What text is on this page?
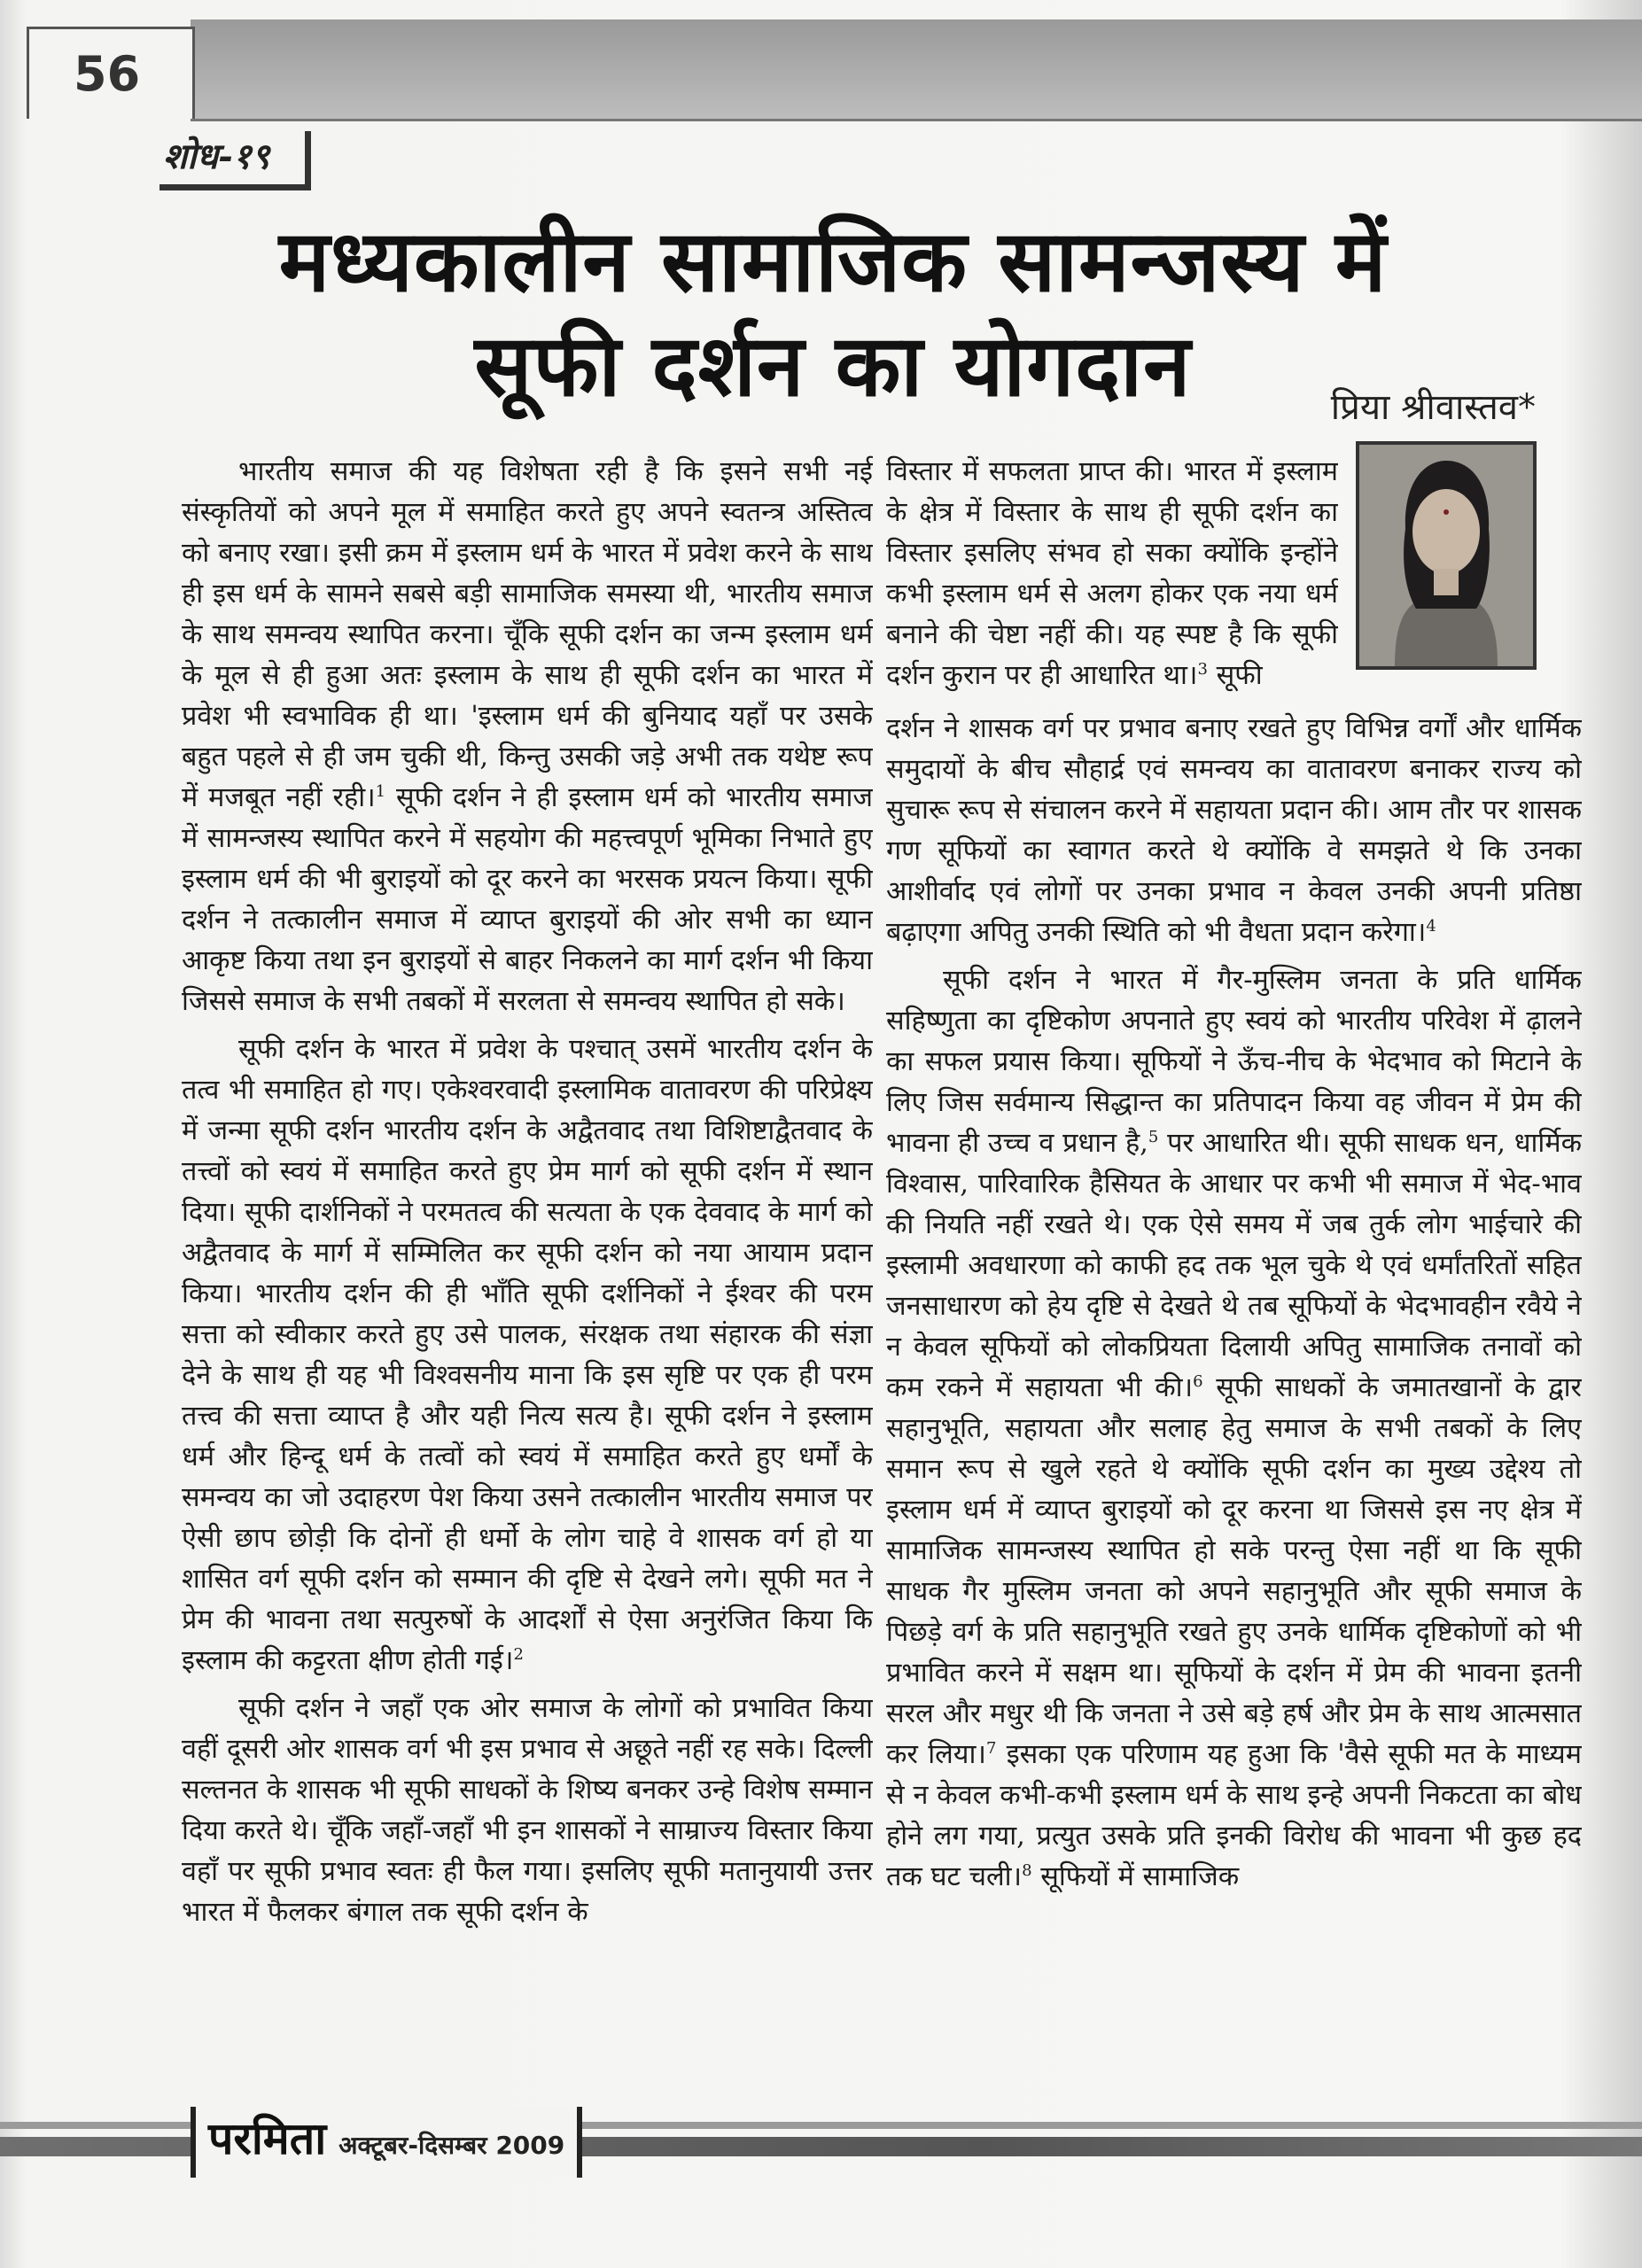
56
शोध-१९
मध्यकालीन सामाजिक सामन्जस्य में
सूफी दर्शन का योगदान	प्रिया श्रीवास्तव*

भारतीय समाज की यह विशेषता रही है कि इसने सभी नई संस्कृतियों को अपने मूल में समाहित करते हुए अपने स्वतन्त्र अस्तित्व को बनाए रखा। इसी क्रम में इस्लाम धर्म के भारत में प्रवेश करने के साथ ही इस धर्म के सामने सबसे बड़ी सामाजिक समस्या थी, भारतीय समाज के साथ समन्वय स्थापित करना। चूँकि सूफी दर्शन का जन्म इस्लाम धर्म के मूल से ही हुआ अतः इस्लाम के साथ ही सूफी दर्शन का भारत में प्रवेश भी स्वभाविक ही था। 'इस्लाम धर्म की बुनियाद यहाँ पर उसके बहुत पहले से ही जम चुकी थी, किन्तु उसकी जड़े अभी तक यथेष्ट रूप में मजबूत नहीं रही।$^1$ सूफी दर्शन ने ही इस्लाम धर्म को भारतीय समाज में सामन्जस्य स्थापित करने में सहयोग की महत्त्वपूर्ण भूमिका निभाते हुए इस्लाम धर्म की भी बुराइयों को दूर करने का भरसक प्रयत्न किया। सूफी दर्शन ने तत्कालीन समाज में व्याप्त बुराइयों की ओर सभी का ध्यान आकृष्ट किया तथा इन बुराइयों से बाहर निकलने का मार्ग दर्शन भी किया जिससे समाज के सभी तबकों में सरलता से समन्वय स्थापित हो सके।

सूफी दर्शन के भारत में प्रवेश के पश्चात् उसमें भारतीय दर्शन के तत्व भी समाहित हो गए। एकेश्वरवादी इस्लामिक वातावरण की परिप्रेक्ष्य में जन्मा सूफी दर्शन भारतीय दर्शन के अद्वैतवाद तथा विशिष्टाद्वैतवाद के तत्त्वों को स्वयं में समाहित करते हुए प्रेम मार्ग को सूफी दर्शन में स्थान दिया। सूफी दार्शनिकों ने परमतत्व की सत्यता के एक देववाद के मार्ग को अद्वैतवाद के मार्ग में सम्मिलित कर सूफी दर्शन को नया आयाम प्रदान किया। भारतीय दर्शन की ही भाँति सूफी दर्शनिकों ने ईश्वर की परम सत्ता को स्वीकार करते हुए उसे पालक, संरक्षक तथा संहारक की संज्ञा देने के साथ ही यह भी विश्वसनीय माना कि इस सृष्टि पर एक ही परम तत्त्व की सत्ता व्याप्त है और यही नित्य सत्य है। सूफी दर्शन ने इस्लाम धर्म और हिन्दू धर्म के तत्वों को स्वयं में समाहित करते हुए धर्मों के समन्वय का जो उदाहरण पेश किया उसने तत्कालीन भारतीय समाज पर ऐसी छाप छोड़ी कि दोनों ही धर्मो के लोग चाहे वे शासक वर्ग हो या शासित वर्ग सूफी दर्शन को सम्मान की दृष्टि से देखने लगे। सूफी मत ने प्रेम की भावना तथा सत्पुरुषों के आदर्शों से ऐसा अनुरंजित किया कि इस्लाम की कट्टरता क्षीण होती गई।$^2$

सूफी दर्शन ने जहाँ एक ओर समाज के लोगों को प्रभावित किया वहीं दूसरी ओर शासक वर्ग भी इस प्रभाव से अछूते नहीं रह सके। दिल्ली सल्तनत के शासक भी सूफी साधकों के शिष्य बनकर उन्हे विशेष सम्मान दिया करते थे। चूँकि जहाँ-जहाँ भी इन शासकों ने साम्राज्य विस्तार किया वहाँ पर सूफी प्रभाव स्वतः ही फैल गया। इसलिए सूफी मतानुयायी उत्तर भारत में फैलकर बंगाल तक सूफी दर्शन के

विस्तार में सफलता प्राप्त की। भारत में इस्लाम के क्षेत्र में विस्तार के साथ ही सूफी दर्शन का विस्तार इसलिए संभव हो सका क्योंकि इन्होंने कभी इस्लाम धर्म से अलग होकर एक नया धर्म बनाने की चेष्टा नहीं की। यह स्पष्ट है कि सूफी दर्शन कुरान पर ही आधारित था।$^3$ सूफी

दर्शन ने शासक वर्ग पर प्रभाव बनाए रखते हुए विभिन्न वर्गों और धार्मिक समुदायों के बीच सौहार्द्र एवं समन्वय का वातावरण बनाकर राज्य को सुचारू रूप से संचालन करने में सहायता प्रदान की। आम तौर पर शासक गण सूफियों का स्वागत करते थे क्योंकि वे समझते थे कि उनका आशीर्वाद एवं लोगों पर उनका प्रभाव न केवल उनकी अपनी प्रतिष्ठा बढ़ाएगा अपितु उनकी स्थिति को भी वैधता प्रदान करेगा।$^4$

सूफी दर्शन ने भारत में गैर-मुस्लिम जनता के प्रति धार्मिक सहिष्णुता का दृष्टिकोण अपनाते हुए स्वयं को भारतीय परिवेश में ढ़ालने का सफल प्रयास किया। सूफियों ने ऊँच-नीच के भेदभाव को मिटाने के लिए जिस सर्वमान्य सिद्धान्त का प्रतिपादन किया वह जीवन में प्रेम की भावना ही उच्च व प्रधान है,$^5$ पर आधारित थी। सूफी साधक धन, धार्मिक विश्वास, पारिवारिक हैसियत के आधार पर कभी भी समाज में भेद-भाव की नियति नहीं रखते थे। एक ऐसे समय में जब तुर्क लोग भाईचारे की इस्लामी अवधारणा को काफी हद तक भूल चुके थे एवं धर्मांतरितों सहित जनसाधारण को हेय दृष्टि से देखते थे तब सूफियों के भेदभावहीन रवैये ने न केवल सूफियों को लोकप्रियता दिलायी अपितु सामाजिक तनावों को कम रकने में सहायता भी की।$^6$ सूफी साधकों के जमातखानों के द्वार सहानुभूति, सहायता और सलाह हेतु समाज के सभी तबकों के लिए समान रूप से खुले रहते थे क्योंकि सूफी दर्शन का मुख्य उद्देश्य तो इस्लाम धर्म में व्याप्त बुराइयों को दूर करना था जिससे इस नए क्षेत्र में सामाजिक सामन्जस्य स्थापित हो सके परन्तु ऐसा नहीं था कि सूफी साधक गैर मुस्लिम जनता को अपने सहानुभूति और सूफी समाज के पिछड़े वर्ग के प्रति सहानुभूति रखते हुए उनके धार्मिक दृष्टिकोणों को भी प्रभावित करने में सक्षम था। सूफियों के दर्शन में प्रेम की भावना इतनी सरल और मधुर थी कि जनता ने उसे बड़े हर्ष और प्रेम के साथ आत्मसात कर लिया।$^7$ इसका एक परिणाम यह हुआ कि 'वैसे सूफी मत के माध्यम से न केवल कभी-कभी इस्लाम धर्म के साथ इन्हे अपनी निकटता का बोध होने लग गया, प्रत्युत उसके प्रति इनकी विरोध की भावना भी कुछ हद तक घट चली।$^8$ सूफियों में सामाजिक

परमिता अक्टूबर-दिसम्बर 2009
